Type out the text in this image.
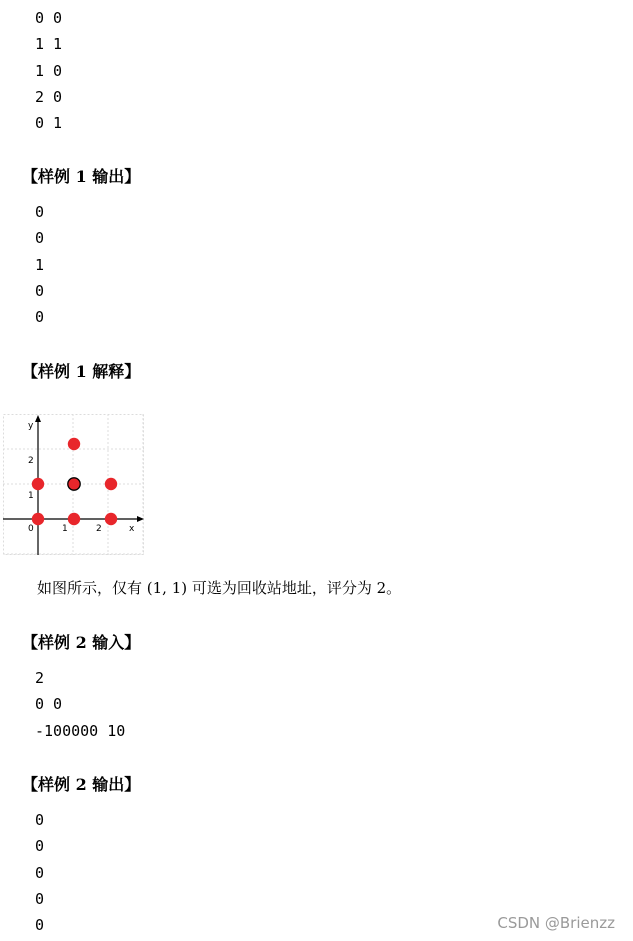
0 0
1 1
1 0
2 0
0 1
【样例 1 输出】
0
0
1
0
0
【样例 1 解释】
x
y
0	1	2
1
2
如图所示，仅有 (1, 1) 可选为回收站地址，评分为 2。
【样例 2 输入】
2
0 0
-100000 10
【样例 2 输出】
0
0
0
0
0	CSDN @Brienzz
